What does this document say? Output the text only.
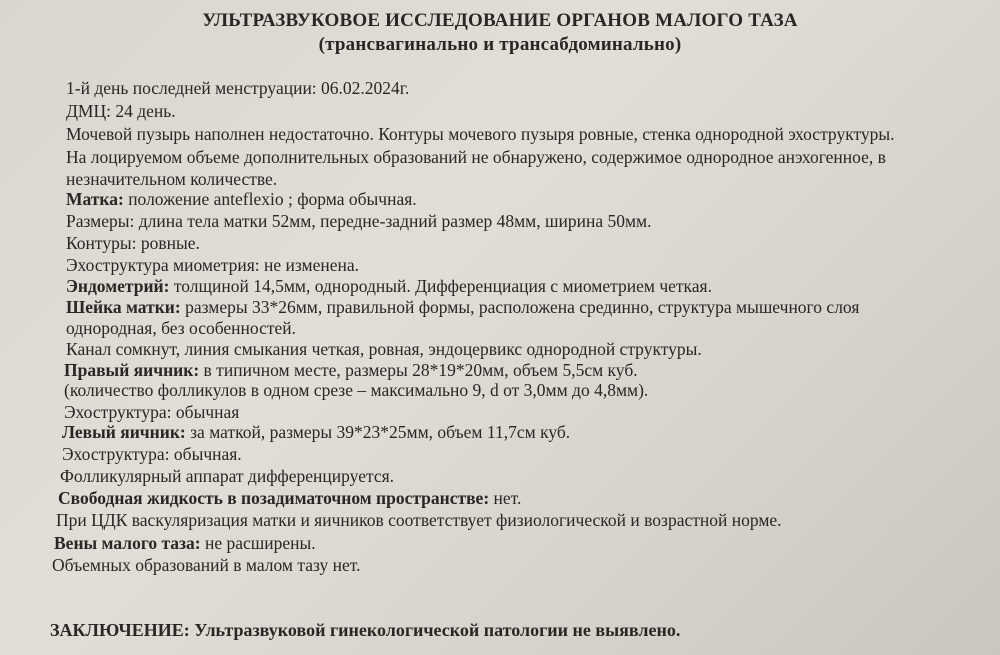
УЛЬТРАЗВУКОВОЕ ИССЛЕДОВАНИЕ ОРГАНОВ МАЛОГО ТАЗА
(трансвагинально и трансабдоминально)
1-й день последней менструации: 06.02.2024г.
ДМЦ: 24 день.
Мочевой пузырь наполнен недостаточно. Контуры мочевого пузыря ровные, стенка однородной эхоструктуры.
На лоцируемом объеме дополнительных образований не обнаружено, содержимое однородное анэхогенное, в
незначительном количестве.
Матка: положение anteflexio ; форма обычная.
Размеры: длина тела матки 52мм, передне-задний размер 48мм, ширина 50мм.
Контуры: ровные.
Эхоструктура миометрия: не изменена.
Эндометрий: толщиной 14,5мм, однородный. Дифференциация с миометрием четкая.
Шейка матки: размеры 33*26мм, правильной формы, расположена срединно, структура мышечного слоя
однородная, без особенностей.
Канал сомкнут, линия смыкания четкая, ровная, эндоцервикс однородной структуры.
Правый яичник: в типичном месте, размеры 28*19*20мм, объем 5,5см куб.
(количество фолликулов в одном срезе – максимально 9, d от 3,0мм до 4,8мм).
Эхоструктура: обычная
Левый яичник: за маткой, размеры 39*23*25мм, объем 11,7см куб.
Эхоструктура: обычная.
Фолликулярный аппарат дифференцируется.
Свободная жидкость в позадиматочном пространстве: нет.
При ЦДК васкуляризация матки и яичников соответствует физиологической и возрастной норме.
Вены малого таза: не расширены.
Объемных образований в малом тазу нет.
ЗАКЛЮЧЕНИЕ: Ультразвуковой гинекологической патологии не выявлено.
